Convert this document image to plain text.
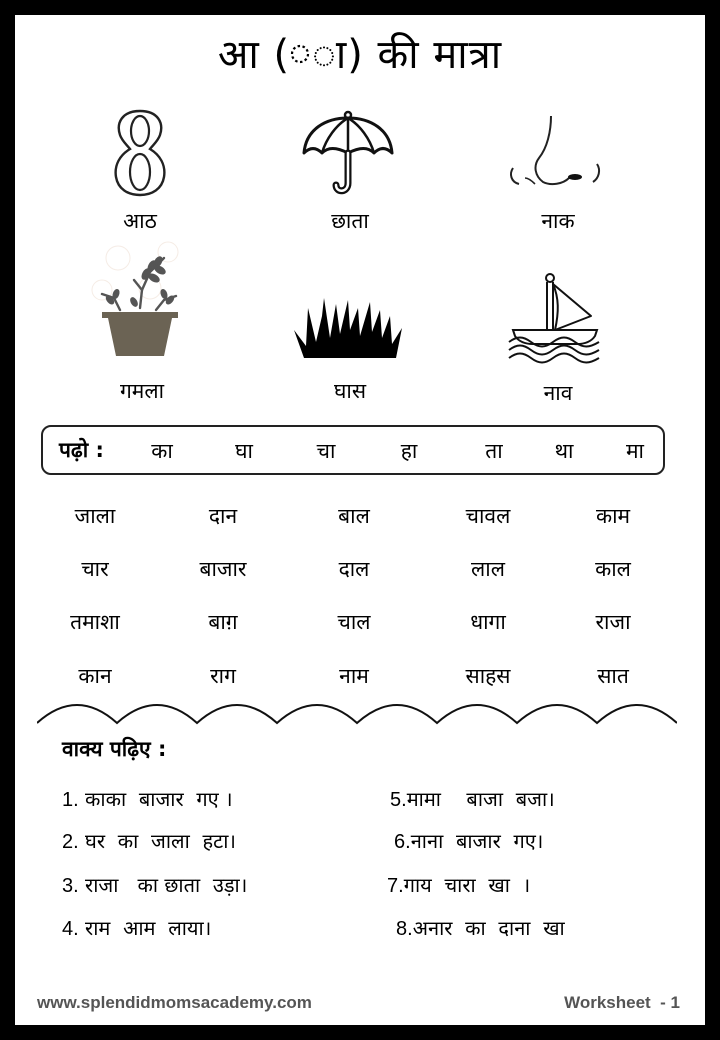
आ ( ा) की मात्रा
आठ	छाता	नाक
गमला	घास	नाव
पढ़ो :	का	घा	चा	हा	ता	था	मा
जाला	दान	बाल	चावल	काम
चार	बाजार	दाल	लाल	काल
तमाशा	बाग़	चाल	धागा	राजा
कान	राग	नाम	साहस	सात
वाक्य पढ़िए :
1. काका  बाजार  गए ।
2. घर  का  जाला  हटा।
3. राजा   का छाता  उड़ा।
4. राम  आम  लाया।
5.मामा    बाजा  बजा।
6.नाना  बाजार  गए।
7.गाय  चारा  खा  ।
8.अनार  का  दाना  खा
www.splendidmomsacademy.com	Worksheet  - 1
